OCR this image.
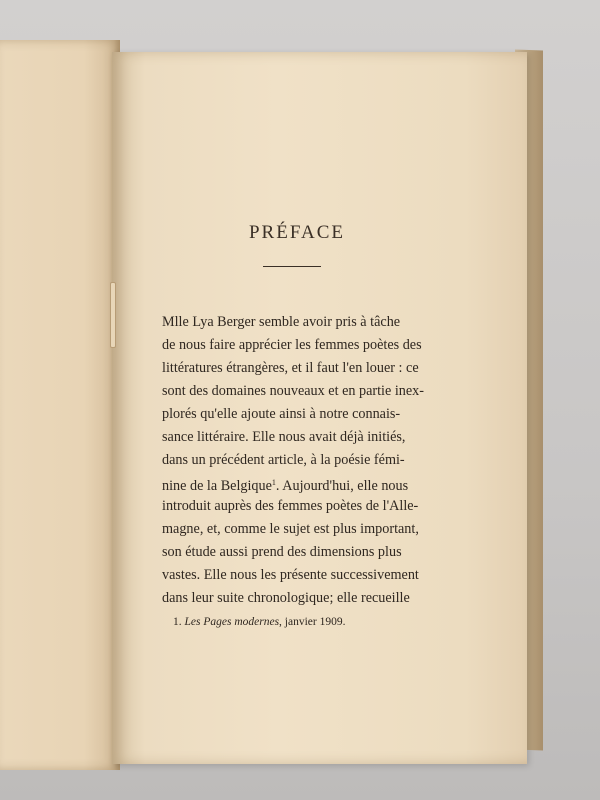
PRÉFACE
Mlle Lya Berger semble avoir pris à tâche
de nous faire apprécier les femmes poètes des
littératures étrangères, et il faut l'en louer : ce
sont des domaines nouveaux et en partie inex-
plorés qu'elle ajoute ainsi à notre connais-
sance littéraire. Elle nous avait déjà initiés,
dans un précédent article, à la poésie fémi-
nine de la Belgique$^1$. Aujourd'hui, elle nous
introduit auprès des femmes poètes de l'Alle-
magne, et, comme le sujet est plus important,
son étude aussi prend des dimensions plus
vastes. Elle nous les présente successivement
dans leur suite chronologique; elle recueille
1. Les Pages modernes, janvier 1909.
